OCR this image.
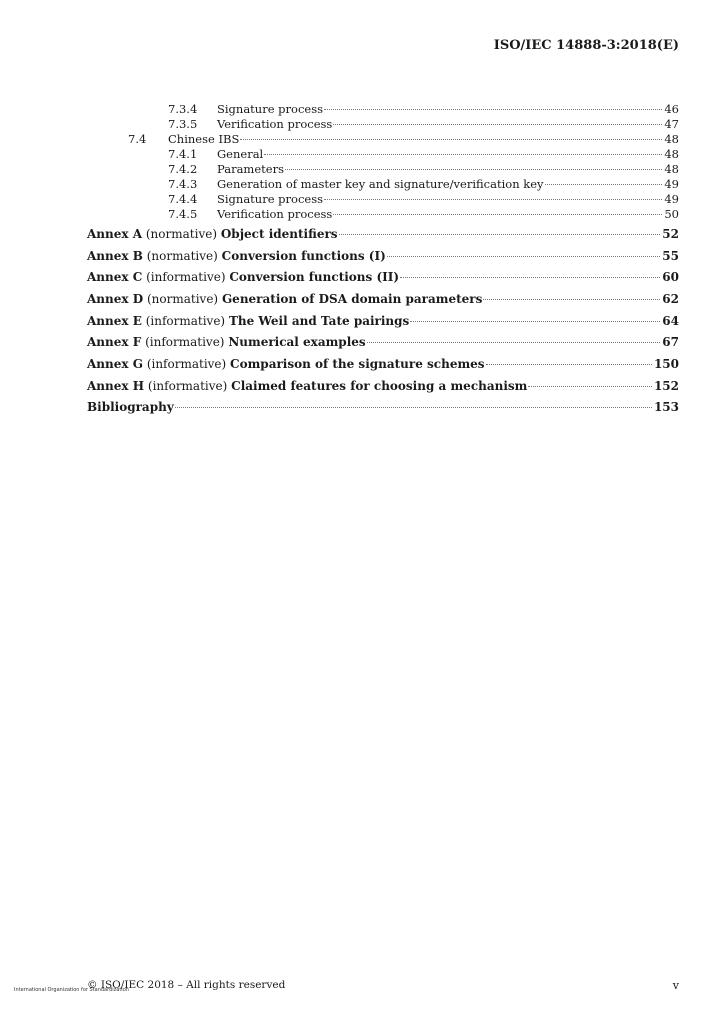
ISO/IEC 14888-3:2018(E)
7.3.4	Signature process	46
7.3.5	Verification process	47
7.4	Chinese IBS	48
7.4.1	General	48
7.4.2	Parameters	48
7.4.3	Generation of master key and signature/verification key	49
7.4.4	Signature process	49
7.4.5	Verification process	50
Annex A (normative) Object identifiers	52
Annex B (normative) Conversion functions (I)	55
Annex C (informative) Conversion functions (II)	60
Annex D (normative) Generation of DSA domain parameters	62
Annex E (informative) The Weil and Tate pairings	64
Annex F (informative) Numerical examples	67
Annex G (informative) Comparison of the signature schemes	150
Annex H (informative) Claimed features for choosing a mechanism	152
Bibliography	153
International Organization for Standardization
© ISO/IEC 2018 – All rights reserved	v
